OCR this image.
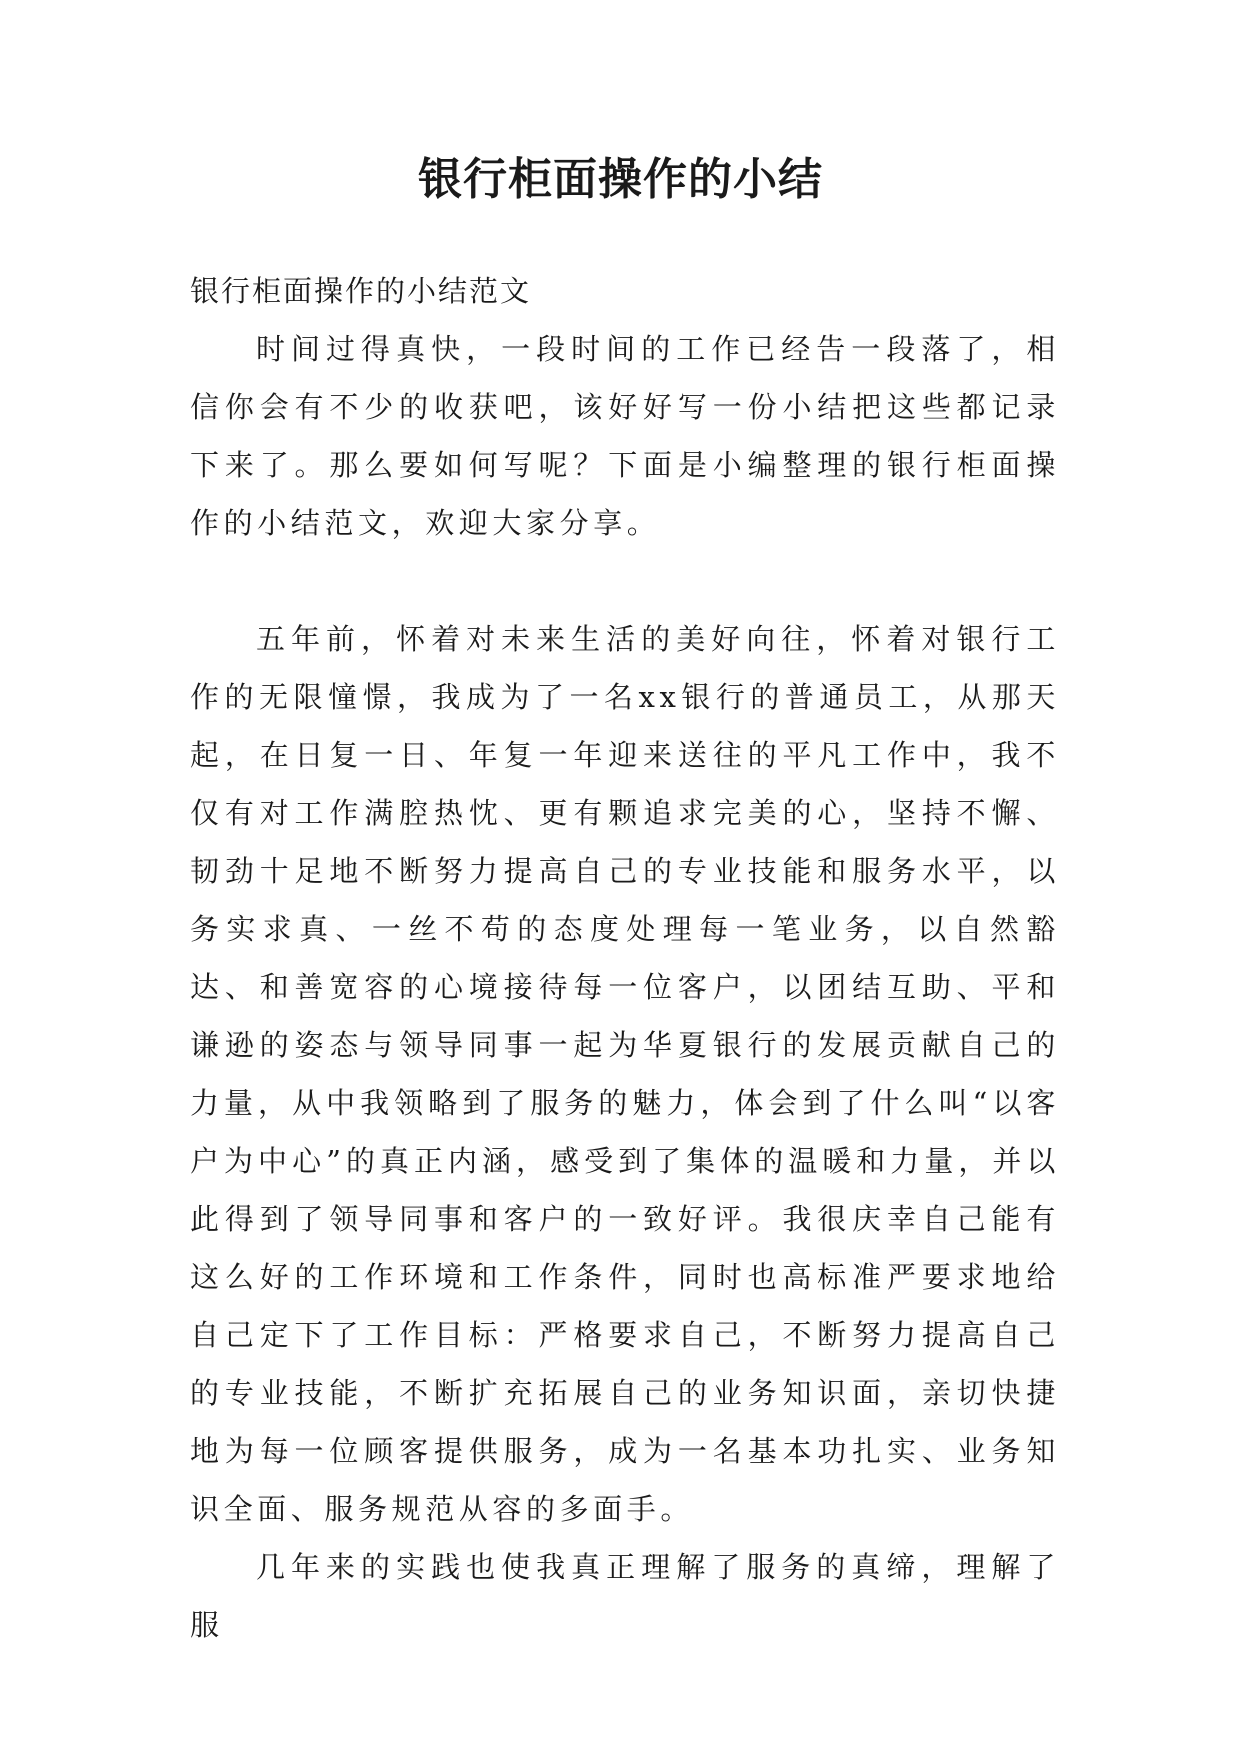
银行柜面操作的小结

银行柜面操作的小结范文

时间过得真快，一段时间的工作已经告一段落了，相信你会有不少的收获吧，该好好写一份小结把这些都记录下来了。那么要如何写呢？下面是小编整理的银行柜面操作的小结范文，欢迎大家分享。

五年前，怀着对未来生活的美好向往，怀着对银行工作的无限憧憬，我成为了一名xx银行的普通员工，从那天起，在日复一日、年复一年迎来送往的平凡工作中，我不仅有对工作满腔热忱、更有颗追求完美的心，坚持不懈、韧劲十足地不断努力提高自己的专业技能和服务水平，以务实求真、一丝不苟的态度处理每一笔业务，以自然豁达、和善宽容的心境接待每一位客户，以团结互助、平和谦逊的姿态与领导同事一起为华夏银行的发展贡献自己的力量，从中我领略到了服务的魅力，体会到了什么叫“以客户为中心”的真正内涵，感受到了集体的温暖和力量，并以此得到了领导同事和客户的一致好评。我很庆幸自己能有这么好的工作环境和工作条件，同时也高标准严要求地给自己定下了工作目标：严格要求自己，不断努力提高自己的专业技能，不断扩充拓展自己的业务知识面，亲切快捷地为每一位顾客提供服务，成为一名基本功扎实、业务知识全面、服务规范从容的多面手。

几年来的实践也使我真正理解了服务的真缔，理解了服
